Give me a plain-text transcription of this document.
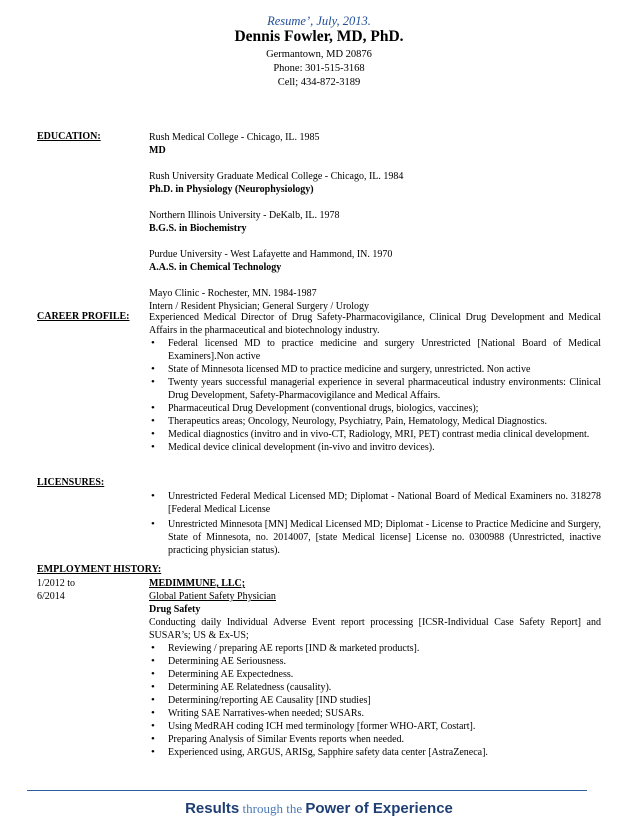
Resume’, July, 2013.
Dennis Fowler, MD, PhD.
Germantown, MD 20876
Phone: 301-515-3168
Cell; 434-872-3189
EDUCATION:	Rush Medical College - Chicago, IL. 1985

MD

Rush University Graduate Medical College - Chicago, IL. 1984

Ph.D. in Physiology (Neurophysiology)

Northern Illinois University - DeKalb, IL. 1978

B.G.S. in Biochemistry

Purdue University - West Lafayette and Hammond, IN. 1970

A.A.S. in Chemical Technology

Mayo Clinic - Rochester, MN. 1984-1987

Intern / Resident Physician; General Surgery / Urology

CAREER PROFILE: Experienced Medical Director of Drug Safety-Pharmacovigilance, Clinical Drug Development and Medical Affairs in the pharmaceutical and biotechnology industry.

• Federal licensed MD to practice medicine and surgery Unrestricted [National Board of Medical Examiners].Non active
• State of Minnesota licensed MD to practice medicine and surgery, unrestricted. Non active
• Twenty years successful managerial experience in several pharmaceutical industry environments: Clinical Drug Development, Safety-Pharmacovigilance and Medical Affairs.
• Pharmaceutical Drug Development (conventional drugs, biologics, vaccines);
• Therapeutics areas; Oncology, Neurology, Psychiatry, Pain, Hematology, Medical Diagnostics.
• Medical diagnostics (invitro and in vivo-CT, Radiology, MRI, PET) contrast media clinical development.
• Medical device clinical development (in-vivo and invitro devices).
LICENSURES:
• Unrestricted Federal Medical Licensed MD; Diplomat - National Board of Medical Examiners no. 318278 [Federal Medical License
• Unrestricted Minnesota [MN] Medical Licensed MD; Diplomat - License to Practice Medicine and Surgery, State of Minnesota, no. 2014007, [state Medical license] License no. 0300988 (Unrestricted, inactive practicing physician status).
EMPLOYMENT HISTORY:
1/2012 to
6/2014

MEDIMMUNE, LLC;

Global Patient Safety Physician

Drug Safety

Conducting daily Individual Adverse Event report processing [ICSR-Individual Case Safety Report] and SUSAR’s; US & Ex-US;

• Reviewing / preparing AE reports [IND & marketed products].
• Determining AE Seriousness.
• Determining AE Expectedness.
• Determining AE Relatedness (causality).
• Determining/reporting AE Causality [IND studies]
• Writing SAE Narratives-when needed; SUSARs.
• Using MedRAH coding ICH med terminology [former WHO-ART, Costart].
• Preparing Analysis of Similar Events reports when needed.
• Experienced using, ARGUS, ARISg, Sapphire safety data center [AstraZeneca].
Results through the Power of Experience
